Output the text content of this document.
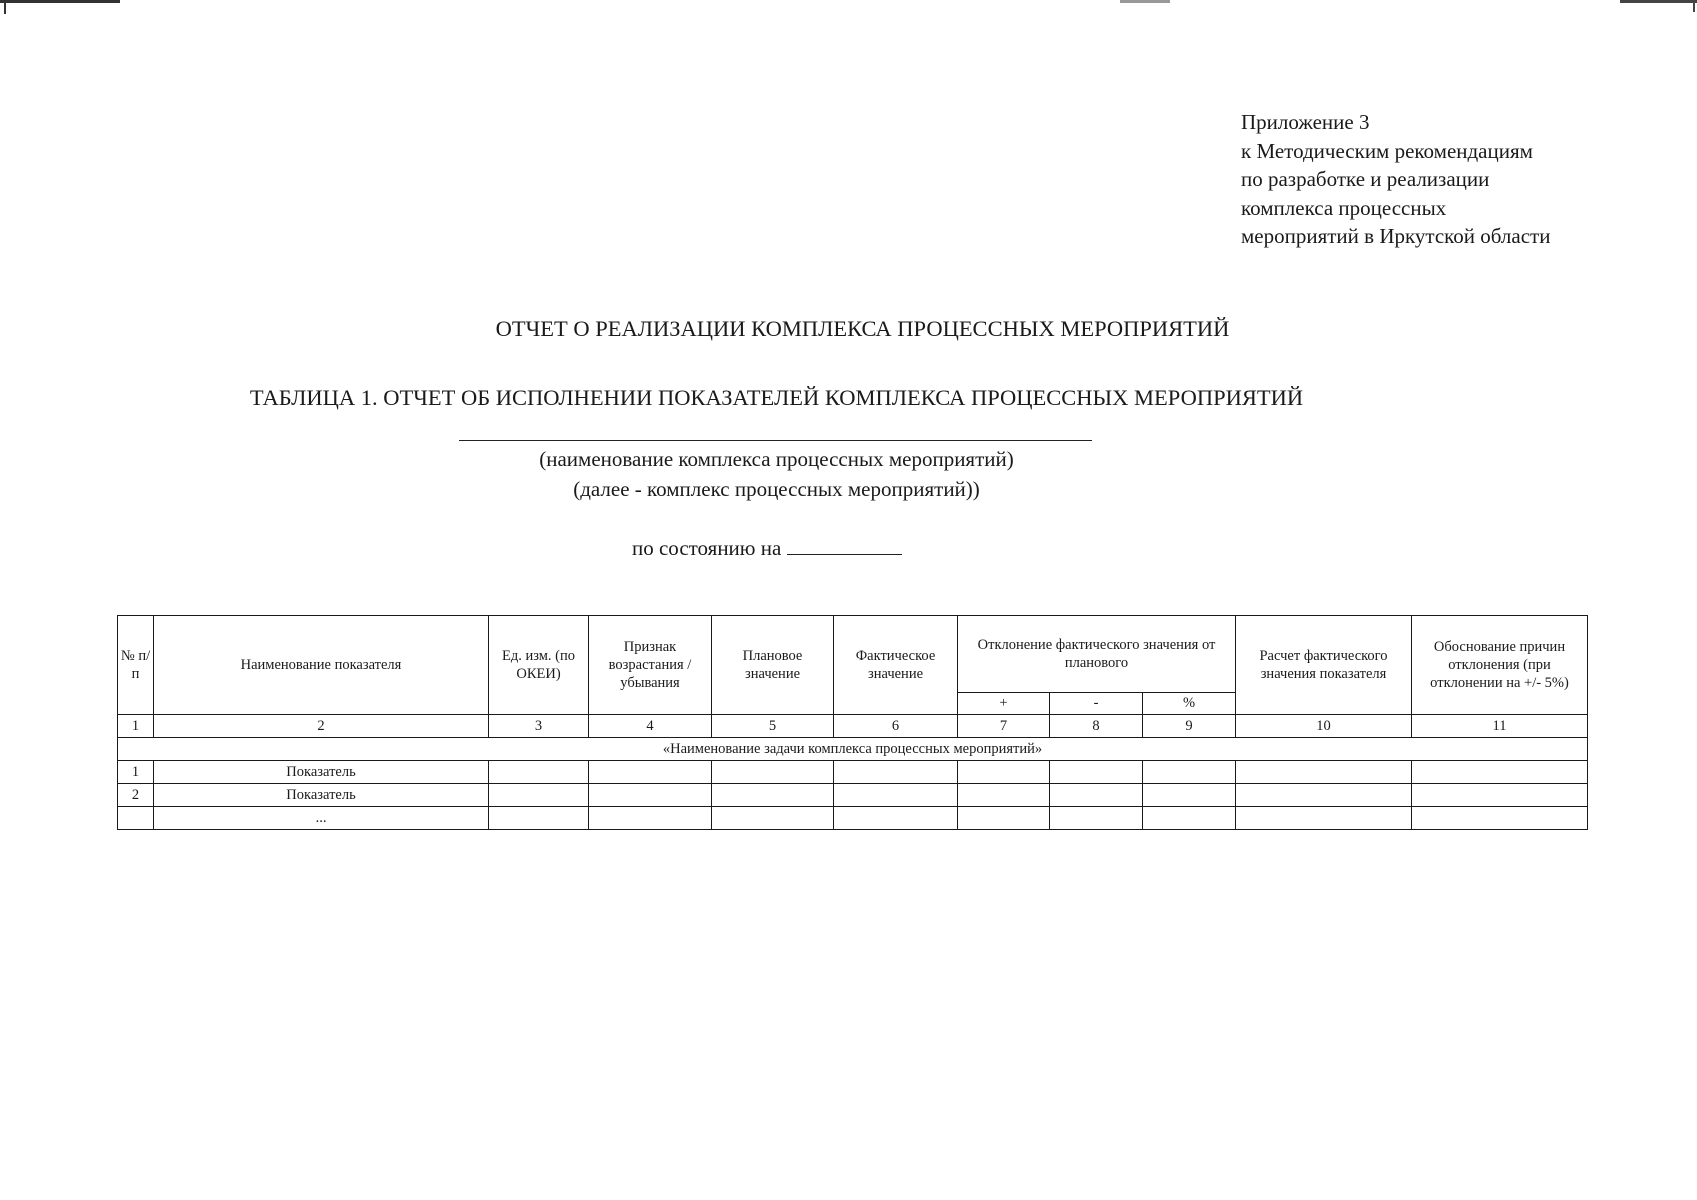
Приложение 3
к Методическим рекомендациям
по разработке и реализации
комплекса процессных
мероприятий в Иркутской области
ОТЧЕТ О РЕАЛИЗАЦИИ КОМПЛЕКСА ПРОЦЕССНЫХ МЕРОПРИЯТИЙ
ТАБЛИЦА 1. ОТЧЕТ ОБ ИСПОЛНЕНИИ ПОКАЗАТЕЛЕЙ КОМПЛЕКСА ПРОЦЕССНЫХ МЕРОПРИЯТИЙ
(наименование комплекса процессных мероприятий)
(далее - комплекс процессных мероприятий))
по состоянию на
№ п/п	Наименование показателя	Ед. изм. (по ОКЕИ)	Признак возрастания / убывания	Плановое значение	Фактическое значение	Отклонение фактического значения от планового			Расчет фактического значения показателя	Обоснование причин отклонения (при отклонении на +/- 5%)
						+	-	%		
1	2	3	4	5	6	7	8	9	10	11
«Наименование задачи комплекса процессных мероприятий»										
1	Показатель									
2	Показатель									
	...									
